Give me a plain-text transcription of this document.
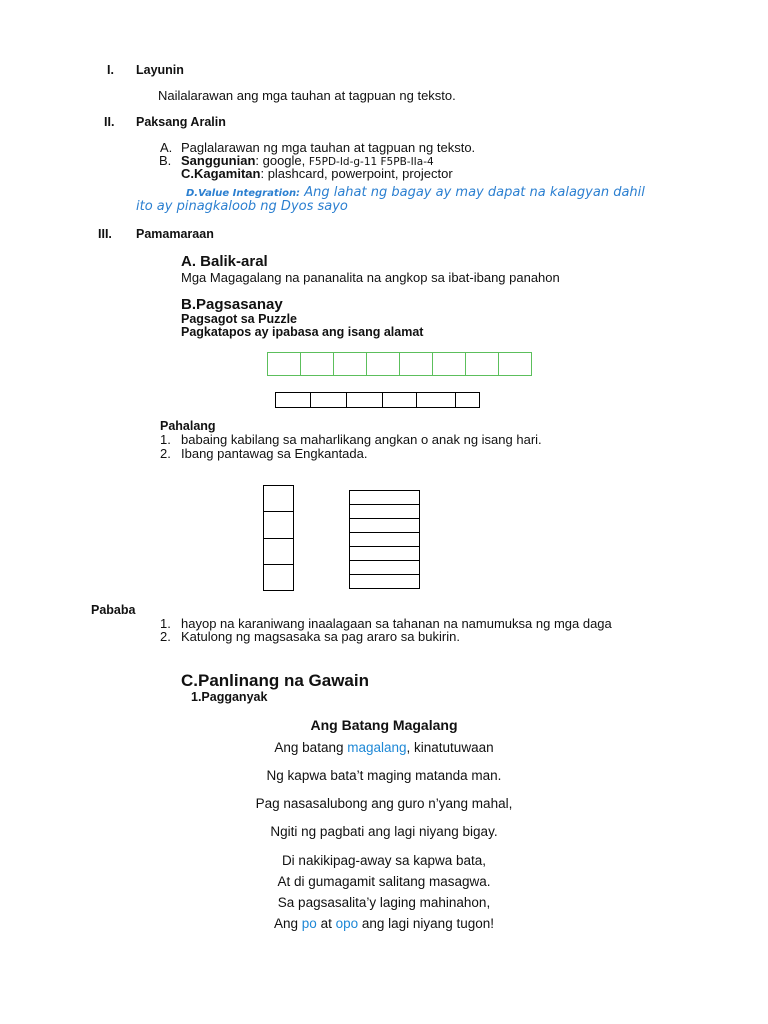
I. Layunin
Nailalarawan ang mga tauhan at tagpuan ng teksto.
II. Paksang Aralin
A. Paglalarawan ng mga tauhan at tagpuan ng teksto.
B. Sanggunian: google, F5PD-Id-g-11 F5PB-IIa-4
C.Kagamitan: plashcard, powerpoint, projector
D.Value Integration: Ang lahat ng bagay ay may dapat na kalagyan dahil
ito ay pinagkaloob ng Dyos sayo
III. Pamamaraan
A. Balik-aral
Mga Magagalang na pananalita na angkop sa ibat-ibang panahon
B.Pagsasanay
Pagsagot sa Puzzle
Pagkatapos ay ipabasa ang isang alamat
Pahalang
1. babaing kabilang sa maharlikang angkan o anak ng isang hari.
2. Ibang pantawag sa Engkantada.
Pababa
1. hayop na karaniwang inaalagaan sa tahanan na namumuksa ng mga daga
2. Katulong ng magsasaka sa pag araro sa bukirin.
C.Panlinang na Gawain
1.Pagganyak
Ang Batang Magalang
Ang batang magalang, kinatutuwaan
Ng kapwa bata’t maging matanda man.
Pag nasasalubong ang guro n’yang mahal,
Ngiti ng pagbati ang lagi niyang bigay.
Di nakikipag-away sa kapwa bata,
At di gumagamit salitang masagwa.
Sa pagsasalita’y laging mahinahon,
Ang po at opo ang lagi niyang tugon!
